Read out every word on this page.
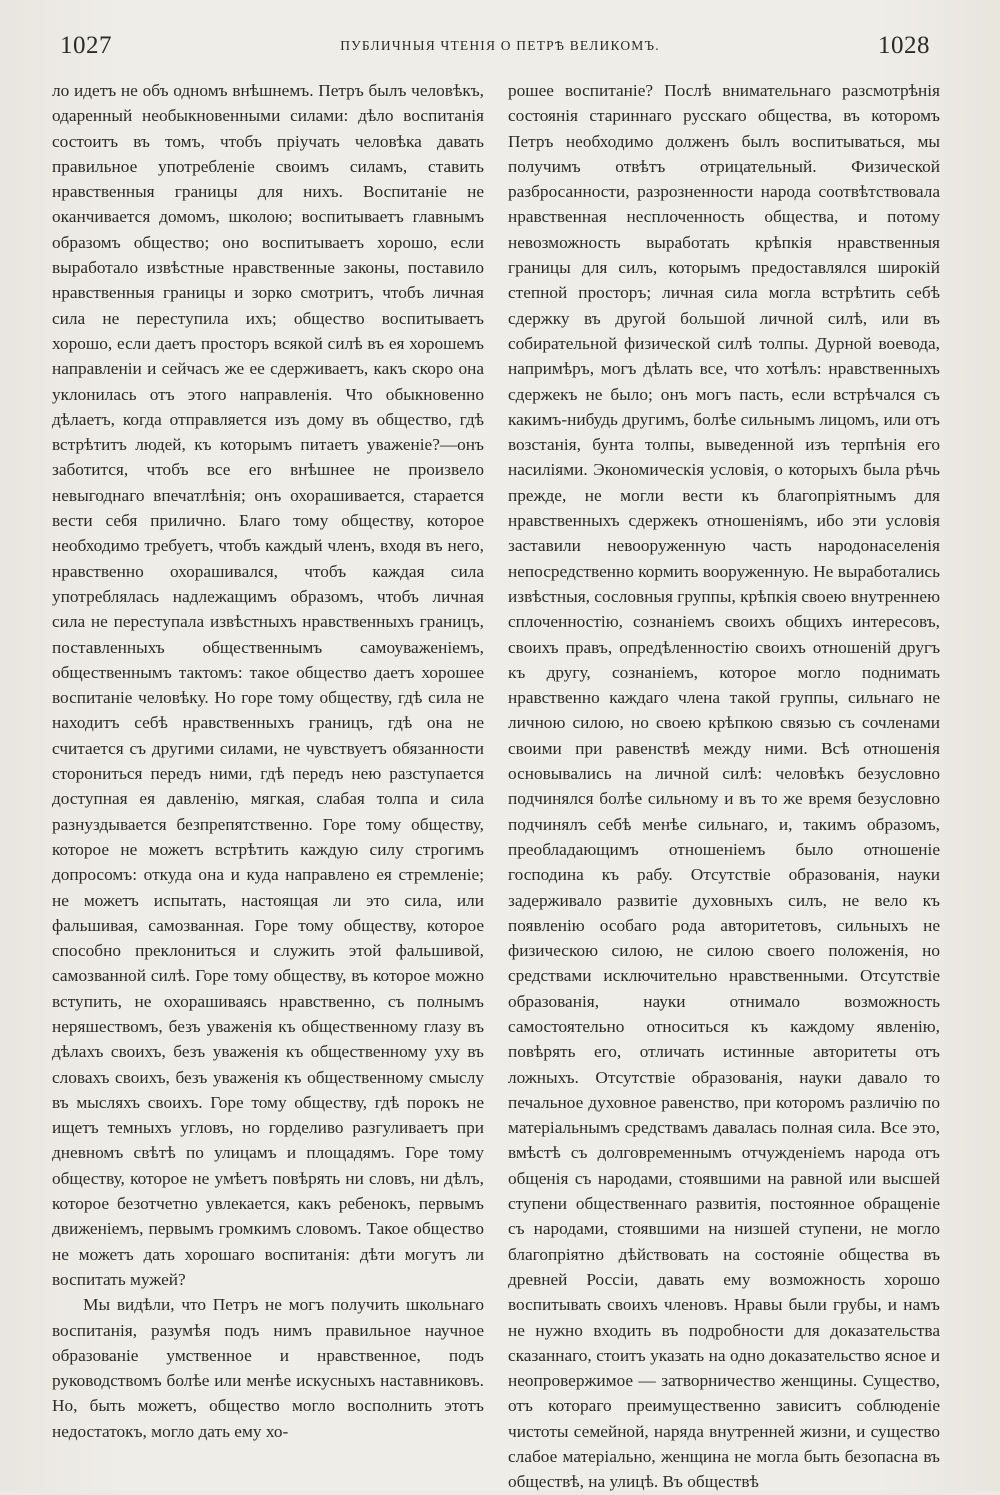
1027	ПУБЛИЧНЫЯ ЧТЕНІЯ О ПЕТРѢ ВЕЛИКОМЪ.	1028

ло идетъ не объ одномъ внѣшнемъ. Петръ былъ человѣкъ, одаренный необыкновенными силами: дѣло воспитанія состоитъ въ томъ, чтобъ пріучать человѣка давать правильное употребленіе своимъ силамъ, ставить нравственныя границы для нихъ. Воспитаніе не оканчивается домомъ, школою; воспитываетъ главнымъ образомъ общество; оно воспитываетъ хорошо, если выработало извѣстные нравственные законы, поставило нравственныя границы и зорко смотритъ, чтобъ личная сила не переступила ихъ; общество воспитываетъ хорошо, если даетъ просторъ всякой силѣ въ ея хорошемъ направленіи и сейчасъ же ее сдерживаетъ, какъ скоро она уклонилась отъ этого направленія. Что обыкновенно дѣлаетъ, когда отправляется изъ дому въ общество, гдѣ встрѣтитъ людей, къ которымъ питаетъ уваженіе?—онъ заботится, чтобъ все его внѣшнее не произвело невыгоднаго впечатлѣнія; онъ охорашивается, старается вести себя прилично. Благо тому обществу, которое необходимо требуетъ, чтобъ каждый членъ, входя въ него, нравственно охорашивался, чтобъ каждая сила употреблялась надлежащимъ образомъ, чтобъ личная сила не переступала извѣстныхъ нравственныхъ границъ, поставленныхъ общественнымъ самоуваженіемъ, общественнымъ тактомъ: такое общество даетъ хорошее воспитаніе человѣку. Но горе тому обществу, гдѣ сила не находитъ себѣ нравственныхъ границъ, гдѣ она не считается съ другими силами, не чувствуетъ обязанности сторониться передъ ними, гдѣ передъ нею разступается доступная ея давленію, мягкая, слабая толпа и сила разнуздывается безпрепятственно. Горе тому обществу, которое не можетъ встрѣтить каждую силу строгимъ допросомъ: откуда она и куда направлено ея стремленіе; не можетъ испытать, настоящая ли это сила, или фальшивая, самозванная. Горе тому обществу, которое способно преклониться и служить этой фальшивой, самозванной силѣ. Горе тому обществу, въ которое можно вступить, не охорашиваясь нравственно, съ полнымъ неряшествомъ, безъ уваженія къ общественному глазу въ дѣлахъ своихъ, безъ уваженія къ общественному уху въ словахъ своихъ, безъ уваженія къ общественному смыслу въ мысляхъ своихъ. Горе тому обществу, гдѣ порокъ не ищетъ темныхъ угловъ, но горделиво разгуливаетъ при дневномъ свѣтѣ по улицамъ и площадямъ. Горе тому обществу, которое не умѣетъ повѣрять ни словъ, ни дѣлъ, которое безотчетно увлекается, какъ ребенокъ, первымъ движеніемъ, первымъ громкимъ словомъ. Такое общество не можетъ дать хорошаго воспитанія: дѣти могутъ ли воспитать мужей?

Мы видѣли, что Петръ не могъ получить школьнаго воспитанія, разумѣя подъ нимъ правильное научное образованіе умственное и нравственное, подъ руководствомъ болѣе или менѣе искусныхъ наставниковъ. Но, быть можетъ, общество могло восполнить этотъ недостатокъ, могло дать ему хо-

рошее воспитаніе? Послѣ внимательнаго разсмотрѣнія состоянія стариннаго русскаго общества, въ которомъ Петръ необходимо долженъ былъ воспитываться, мы получимъ отвѣтъ отрицательный. Физической разбросанности, разрозненности народа соотвѣтствовала нравственная несплоченность общества, и потому невозможность выработать крѣпкія нравственныя границы для силъ, которымъ предоставлялся широкій степной просторъ; личная сила могла встрѣтить себѣ сдержку въ другой большой личной силѣ, или въ собирательной физической силѣ толпы. Дурной воевода, напримѣръ, могъ дѣлать все, что хотѣлъ: нравственныхъ сдержекъ не было; онъ могъ пасть, если встрѣчался съ какимъ-нибудь другимъ, болѣе сильнымъ лицомъ, или отъ возстанія, бунта толпы, выведенной изъ терпѣнія его насиліями. Экономическія условія, о которыхъ была рѣчь прежде, не могли вести къ благопріятнымъ для нравственныхъ сдержекъ отношеніямъ, ибо эти условія заставили невооруженную часть народонаселенія непосредственно кормить вооруженную. Не выработались извѣстныя, сословныя группы, крѣпкія своею внутреннею сплоченностію, сознаніемъ своихъ общихъ интересовъ, своихъ правъ, опредѣленностію своихъ отношеній другъ къ другу, сознаніемъ, которое могло поднимать нравственно каждаго члена такой группы, сильнаго не личною силою, но своею крѣпкою связью съ сочленами своими при равенствѣ между ними. Всѣ отношенія основывались на личной силѣ: человѣкъ безусловно подчинялся болѣе сильному и въ то же время безусловно подчинялъ себѣ менѣе сильнаго, и, такимъ образомъ, преобладающимъ отношеніемъ было отношеніе господина къ рабу. Отсутствіе образованія, науки задерживало развитіе духовныхъ силъ, не вело къ появленію особаго рода авторитетовъ, сильныхъ не физическою силою, не силою своего положенія, но средствами исключительно нравственными. Отсутствіе образованія, науки отнимало возможность самостоятельно относиться къ каждому явленію, повѣрять его, отличать истинные авторитеты отъ ложныхъ. Отсутствіе образованія, науки давало то печальное духовное равенство, при которомъ различію по матеріальнымъ средствамъ давалась полная сила. Все это, вмѣстѣ съ долговременнымъ отчужденіемъ народа отъ общенія съ народами, стоявшими на равной или высшей ступени общественнаго развитія, постоянное обращеніе съ народами, стоявшими на низшей ступени, не могло благопріятно дѣйствовать на состояніе общества въ древней Россіи, давать ему возможность хорошо воспитывать своихъ членовъ. Нравы были грубы, и намъ не нужно входить въ подробности для доказательства сказаннаго, стоитъ указать на одно доказательство ясное и неопровержимое — затворничество женщины. Существо, отъ котораго преимущественно зависитъ соблюденіе чистоты семейной, наряда внутренней жизни, и существо слабое матеріально, женщина не могла быть безопасна въ обществѣ, на улицѣ. Въ обществѣ
